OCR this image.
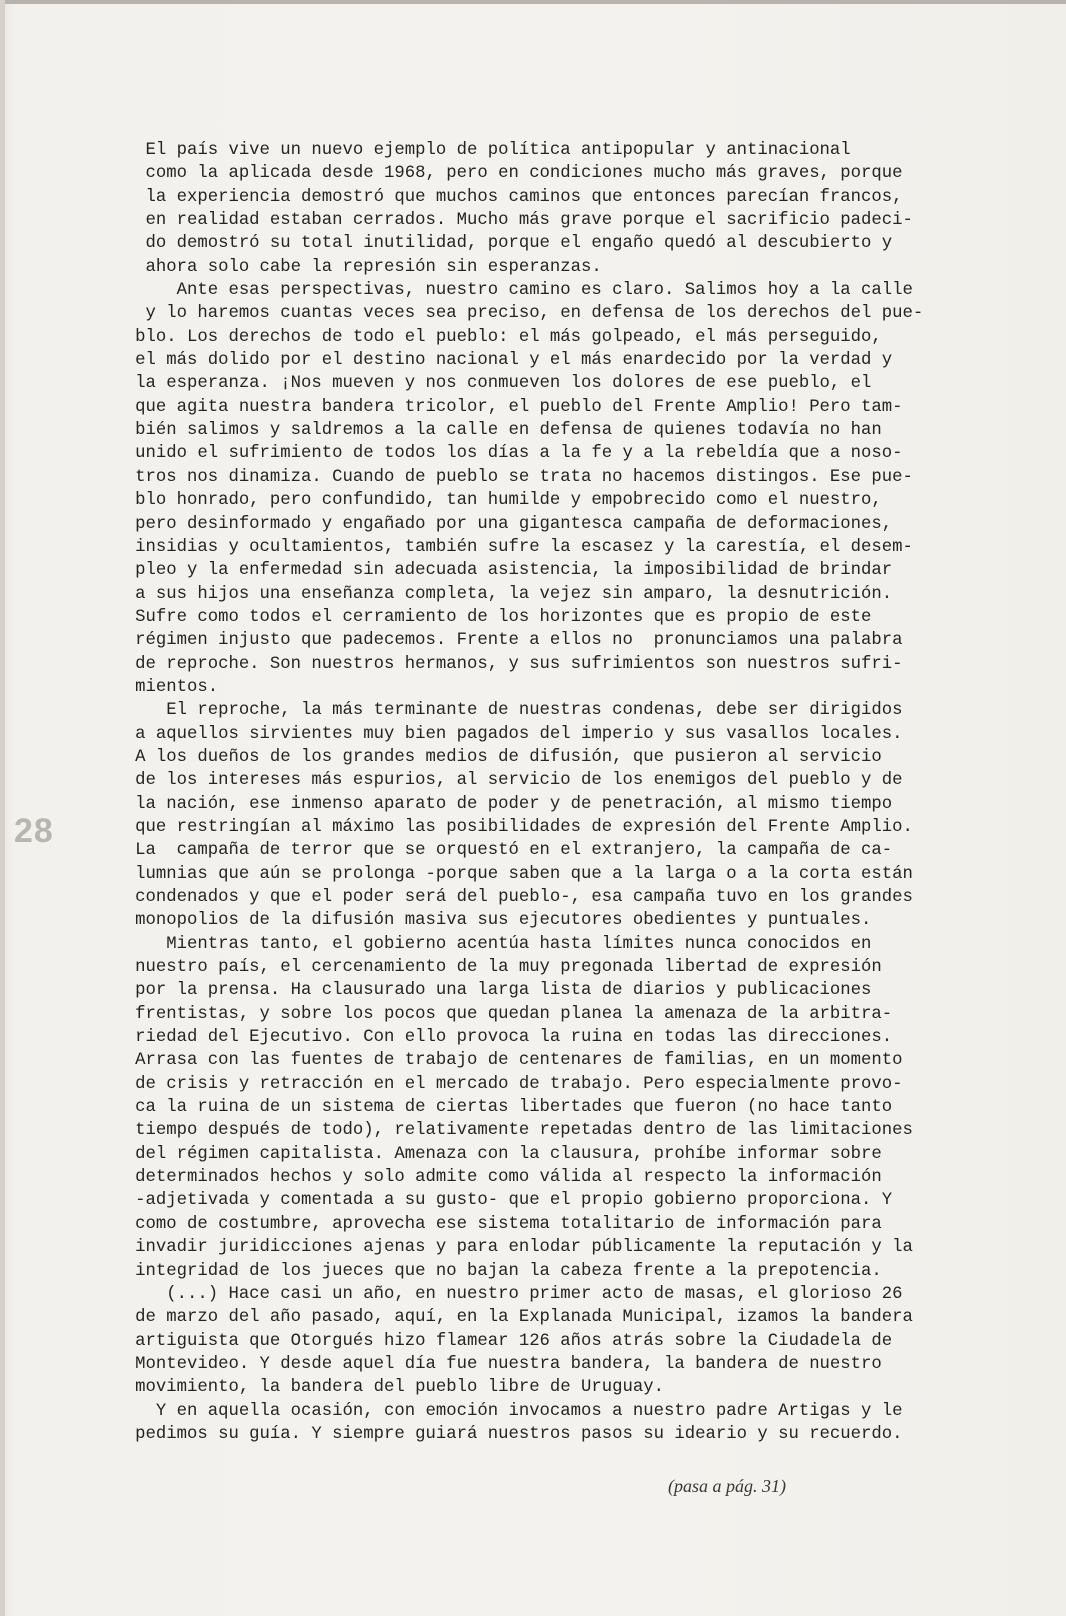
28
El país vive un nuevo ejemplo de política antipopular y antinacional
como la aplicada desde 1968, pero en condiciones mucho más graves, porque
la experiencia demostró que muchos caminos que entonces parecían francos,
en realidad estaban cerrados. Mucho más grave porque el sacrificio padeci-
do demostró su total inutilidad, porque el engaño quedó al descubierto y
ahora solo cabe la represión sin esperanzas.
Ante esas perspectivas, nuestro camino es claro. Salimos hoy a la calle
y lo haremos cuantas veces sea preciso, en defensa de los derechos del pue-
blo. Los derechos de todo el pueblo: el más golpeado, el más perseguido,
el más dolido por el destino nacional y el más enardecido por la verdad y
la esperanza. ¡Nos mueven y nos conmueven los dolores de ese pueblo, el
que agita nuestra bandera tricolor, el pueblo del Frente Amplio! Pero tam-
bién salimos y saldremos a la calle en defensa de quienes todavía no han
unido el sufrimiento de todos los días a la fe y a la rebeldía que a noso-
tros nos dinamiza. Cuando de pueblo se trata no hacemos distingos. Ese pue-
blo honrado, pero confundido, tan humilde y empobrecido como el nuestro,
pero desinformado y engañado por una gigantesca campaña de deformaciones,
insidias y ocultamientos, también sufre la escasez y la carestía, el desem-
pleo y la enfermedad sin adecuada asistencia, la imposibilidad de brindar
a sus hijos una enseñanza completa, la vejez sin amparo, la desnutrición.
Sufre como todos el cerramiento de los horizontes que es propio de este
régimen injusto que padecemos. Frente a ellos no  pronunciamos una palabra
de reproche. Son nuestros hermanos, y sus sufrimientos son nuestros sufri-
mientos.
El reproche, la más terminante de nuestras condenas, debe ser dirigidos
a aquellos sirvientes muy bien pagados del imperio y sus vasallos locales.
A los dueños de los grandes medios de difusión, que pusieron al servicio
de los intereses más espurios, al servicio de los enemigos del pueblo y de
la nación, ese inmenso aparato de poder y de penetración, al mismo tiempo
que restringían al máximo las posibilidades de expresión del Frente Amplio.
La  campaña de terror que se orquestó en el extranjero, la campaña de ca-
lumnias que aún se prolonga -porque saben que a la larga o a la corta están
condenados y que el poder será del pueblo-, esa campaña tuvo en los grandes
monopolios de la difusión masiva sus ejecutores obedientes y puntuales.
Mientras tanto, el gobierno acentúa hasta límites nunca conocidos en
nuestro país, el cercenamiento de la muy pregonada libertad de expresión
por la prensa. Ha clausurado una larga lista de diarios y publicaciones
frentistas, y sobre los pocos que quedan planea la amenaza de la arbitra-
riedad del Ejecutivo. Con ello provoca la ruina en todas las direcciones.
Arrasa con las fuentes de trabajo de centenares de familias, en un momento
de crisis y retracción en el mercado de trabajo. Pero especialmente provo-
ca la ruina de un sistema de ciertas libertades que fueron (no hace tanto
tiempo después de todo), relativamente repetadas dentro de las limitaciones
del régimen capitalista. Amenaza con la clausura, prohíbe informar sobre
determinados hechos y solo admite como válida al respecto la información
-adjetivada y comentada a su gusto- que el propio gobierno proporciona. Y
como de costumbre, aprovecha ese sistema totalitario de información para
invadir juridicciones ajenas y para enlodar públicamente la reputación y la
integridad de los jueces que no bajan la cabeza frente a la prepotencia.
(...) Hace casi un año, en nuestro primer acto de masas, el glorioso 26
de marzo del año pasado, aquí, en la Explanada Municipal, izamos la bandera
artiguista que Otorgués hizo flamear 126 años atrás sobre la Ciudadela de
Montevideo. Y desde aquel día fue nuestra bandera, la bandera de nuestro
movimiento, la bandera del pueblo libre de Uruguay.
Y en aquella ocasión, con emoción invocamos a nuestro padre Artigas y le
pedimos su guía. Y siempre guiará nuestros pasos su ideario y su recuerdo.
(pasa a pág. 31)
